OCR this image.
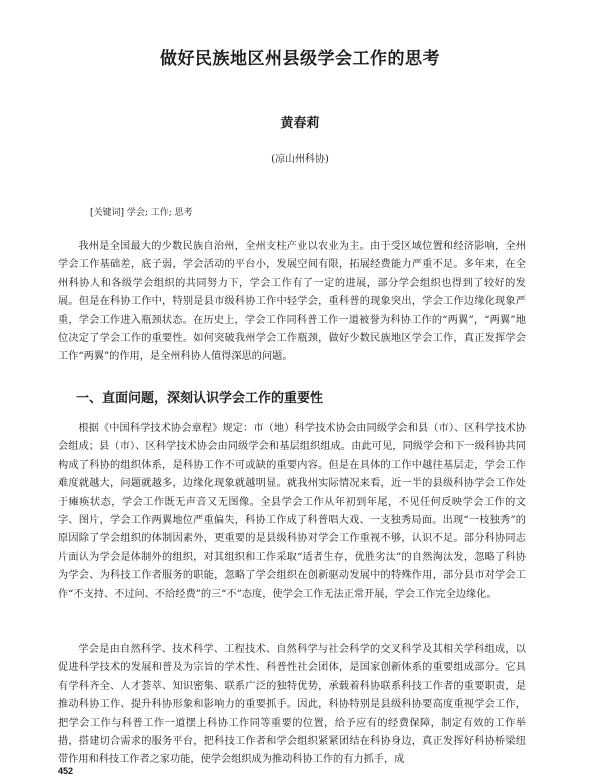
做好民族地区州县级学会工作的思考
黄春莉
(凉山州科协)
[关键词] 学会; 工作; 思考

我州是全国最大的少数民族自治州，全州支柱产业以农业为主。由于受区域位置和经济影响，全州学会工作基础差，底子弱，学会活动的平台小，发展空间有限，拓展经费能力严重不足。多年来，在全州科协人和各级学会组织的共同努力下，学会工作有了一定的进展，部分学会组织也得到了较好的发展。但是在科协工作中，特别是县市级科协工作中轻学会，重科普的现象突出，学会工作边缘化现象严重，学会工作进入瓶颈状态。在历史上，学会工作同科普工作一道被誉为科协工作的“两翼”，“两翼”地位决定了学会工作的重要性。如何突破我州学会工作瓶颈，做好少数民族地区学会工作，真正发挥学会工作“两翼”的作用，是全州科协人值得深思的问题。

一、直面问题，深刻认识学会工作的重要性

根据《中国科学技术协会章程》规定：市（地）科学技术协会由同级学会和县（市）、区科学技术协会组成；县（市）、区科学技术协会由同级学会和基层组织组成。由此可见，同级学会和下一级科协共同构成了科协的组织体系，是科协工作不可或缺的重要内容。但是在具体的工作中越往基层走，学会工作难度就越大，问题就越多，边缘化现象就越明显。就我州实际情况来看，近一半的县级科协学会工作处于瘫痪状态，学会工作既无声音又无图像。全县学会工作从年初到年尾，不见任何反映学会工作的文字、图片，学会工作两翼地位严重偏失，科协工作成了科普唱大戏、一支独秀局面。出现“一枝独秀”的原因除了学会组织的体制因素外，更重要的是县级科协对学会工作重视不够，认识不足。部分科协同志片面认为学会是体制外的组织，对其组织和工作采取“适者生存，优胜劣汰”的自然淘汰发，忽略了科协为学会、为科技工作者服务的职能，忽略了学会组织在创新驱动发展中的特殊作用，部分县市对学会工作“不支持、不过问、不给经费”的三“不”态度，使学会工作无法正常开展，学会工作完全边缘化。

学会是由自然科学、技术科学、工程技术、自然科学与社会科学的交叉科学及其相关学科组成，以促进科学技术的发展和普及为宗旨的学术性、科普性社会团体，是国家创新体系的重要组成部分。它具有学科齐全、人才荟萃、知识密集、联系广泛的独特优势，承载着科协联系科技工作者的重要职责，是推动科协工作、提升科协形象和影响力的重要抓手。因此，科协特别是县级科协要高度重视学会工作，把学会工作与科普工作一道摆上科协工作同等重要的位置，给予应有的经费保障，制定有效的工作举措，搭建切合需求的服务平台，把科技工作者和学会组织紧紧团结在科协身边，真正发挥好科协桥梁纽带作用和科技工作者之家功能，使学会组织成为推动科协工作的有力抓手，成

452
